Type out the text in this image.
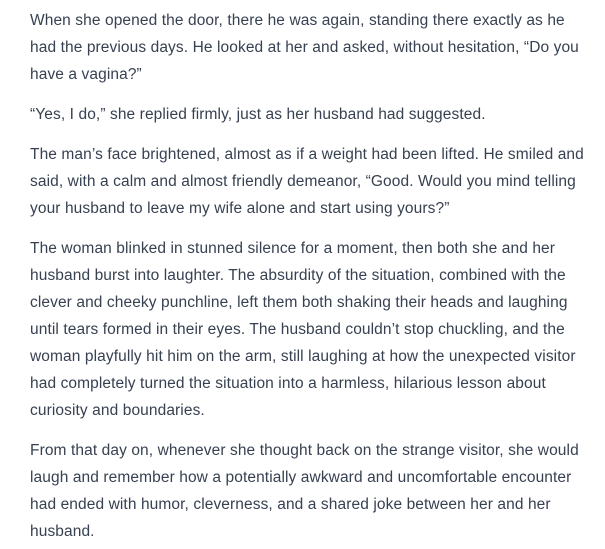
When she opened the door, there he was again, standing there exactly as he had the previous days. He looked at her and asked, without hesitation, “Do you have a vagina?”

“Yes, I do,” she replied firmly, just as her husband had suggested.

The man’s face brightened, almost as if a weight had been lifted. He smiled and said, with a calm and almost friendly demeanor, “Good. Would you mind telling your husband to leave my wife alone and start using yours?”

The woman blinked in stunned silence for a moment, then both she and her husband burst into laughter. The absurdity of the situation, combined with the clever and cheeky punchline, left them both shaking their heads and laughing until tears formed in their eyes. The husband couldn’t stop chuckling, and the woman playfully hit him on the arm, still laughing at how the unexpected visitor had completely turned the situation into a harmless, hilarious lesson about curiosity and boundaries.

From that day on, whenever she thought back on the strange visitor, she would laugh and remember how a potentially awkward and uncomfortable encounter had ended with humor, cleverness, and a shared joke between her and her husband.
